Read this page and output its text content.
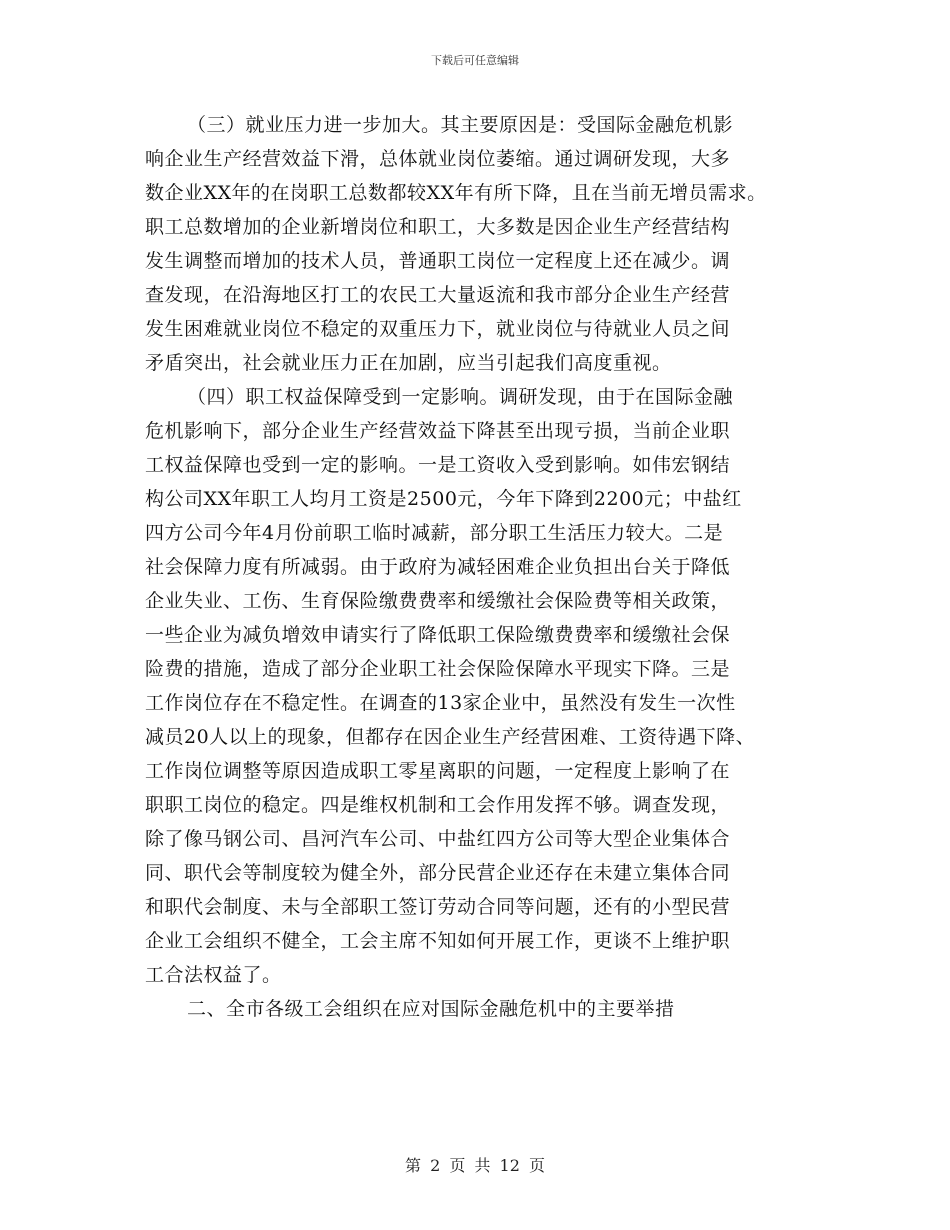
下载后可任意编辑
（三）就业压力进一步加大。其主要原因是：受国际金融危机影
响企业生产经营效益下滑，总体就业岗位萎缩。通过调研发现，大多
数企业XX年的在岗职工总数都较XX年有所下降，且在当前无增员需求。
职工总数增加的企业新增岗位和职工，大多数是因企业生产经营结构
发生调整而增加的技术人员，普通职工岗位一定程度上还在减少。调
查发现，在沿海地区打工的农民工大量返流和我市部分企业生产经营
发生困难就业岗位不稳定的双重压力下，就业岗位与待就业人员之间
矛盾突出，社会就业压力正在加剧，应当引起我们高度重视。
（四）职工权益保障受到一定影响。调研发现，由于在国际金融
危机影响下，部分企业生产经营效益下降甚至出现亏损，当前企业职
工权益保障也受到一定的影响。一是工资收入受到影响。如伟宏钢结
构公司XX年职工人均月工资是2500元，今年下降到2200元；中盐红
四方公司今年4月份前职工临时减薪，部分职工生活压力较大。二是
社会保障力度有所减弱。由于政府为减轻困难企业负担出台关于降低
企业失业、工伤、生育保险缴费费率和缓缴社会保险费等相关政策，
一些企业为减负增效申请实行了降低职工保险缴费费率和缓缴社会保
险费的措施，造成了部分企业职工社会保险保障水平现实下降。三是
工作岗位存在不稳定性。在调查的13家企业中，虽然没有发生一次性
减员20人以上的现象，但都存在因企业生产经营困难、工资待遇下降、
工作岗位调整等原因造成职工零星离职的问题，一定程度上影响了在
职职工岗位的稳定。四是维权机制和工会作用发挥不够。调查发现，
除了像马钢公司、昌河汽车公司、中盐红四方公司等大型企业集体合
同、职代会等制度较为健全外，部分民营企业还存在未建立集体合同
和职代会制度、未与全部职工签订劳动合同等问题，还有的小型民营
企业工会组织不健全，工会主席不知如何开展工作，更谈不上维护职
工合法权益了。
二、全市各级工会组织在应对国际金融危机中的主要举措
第 2 页 共 12 页
